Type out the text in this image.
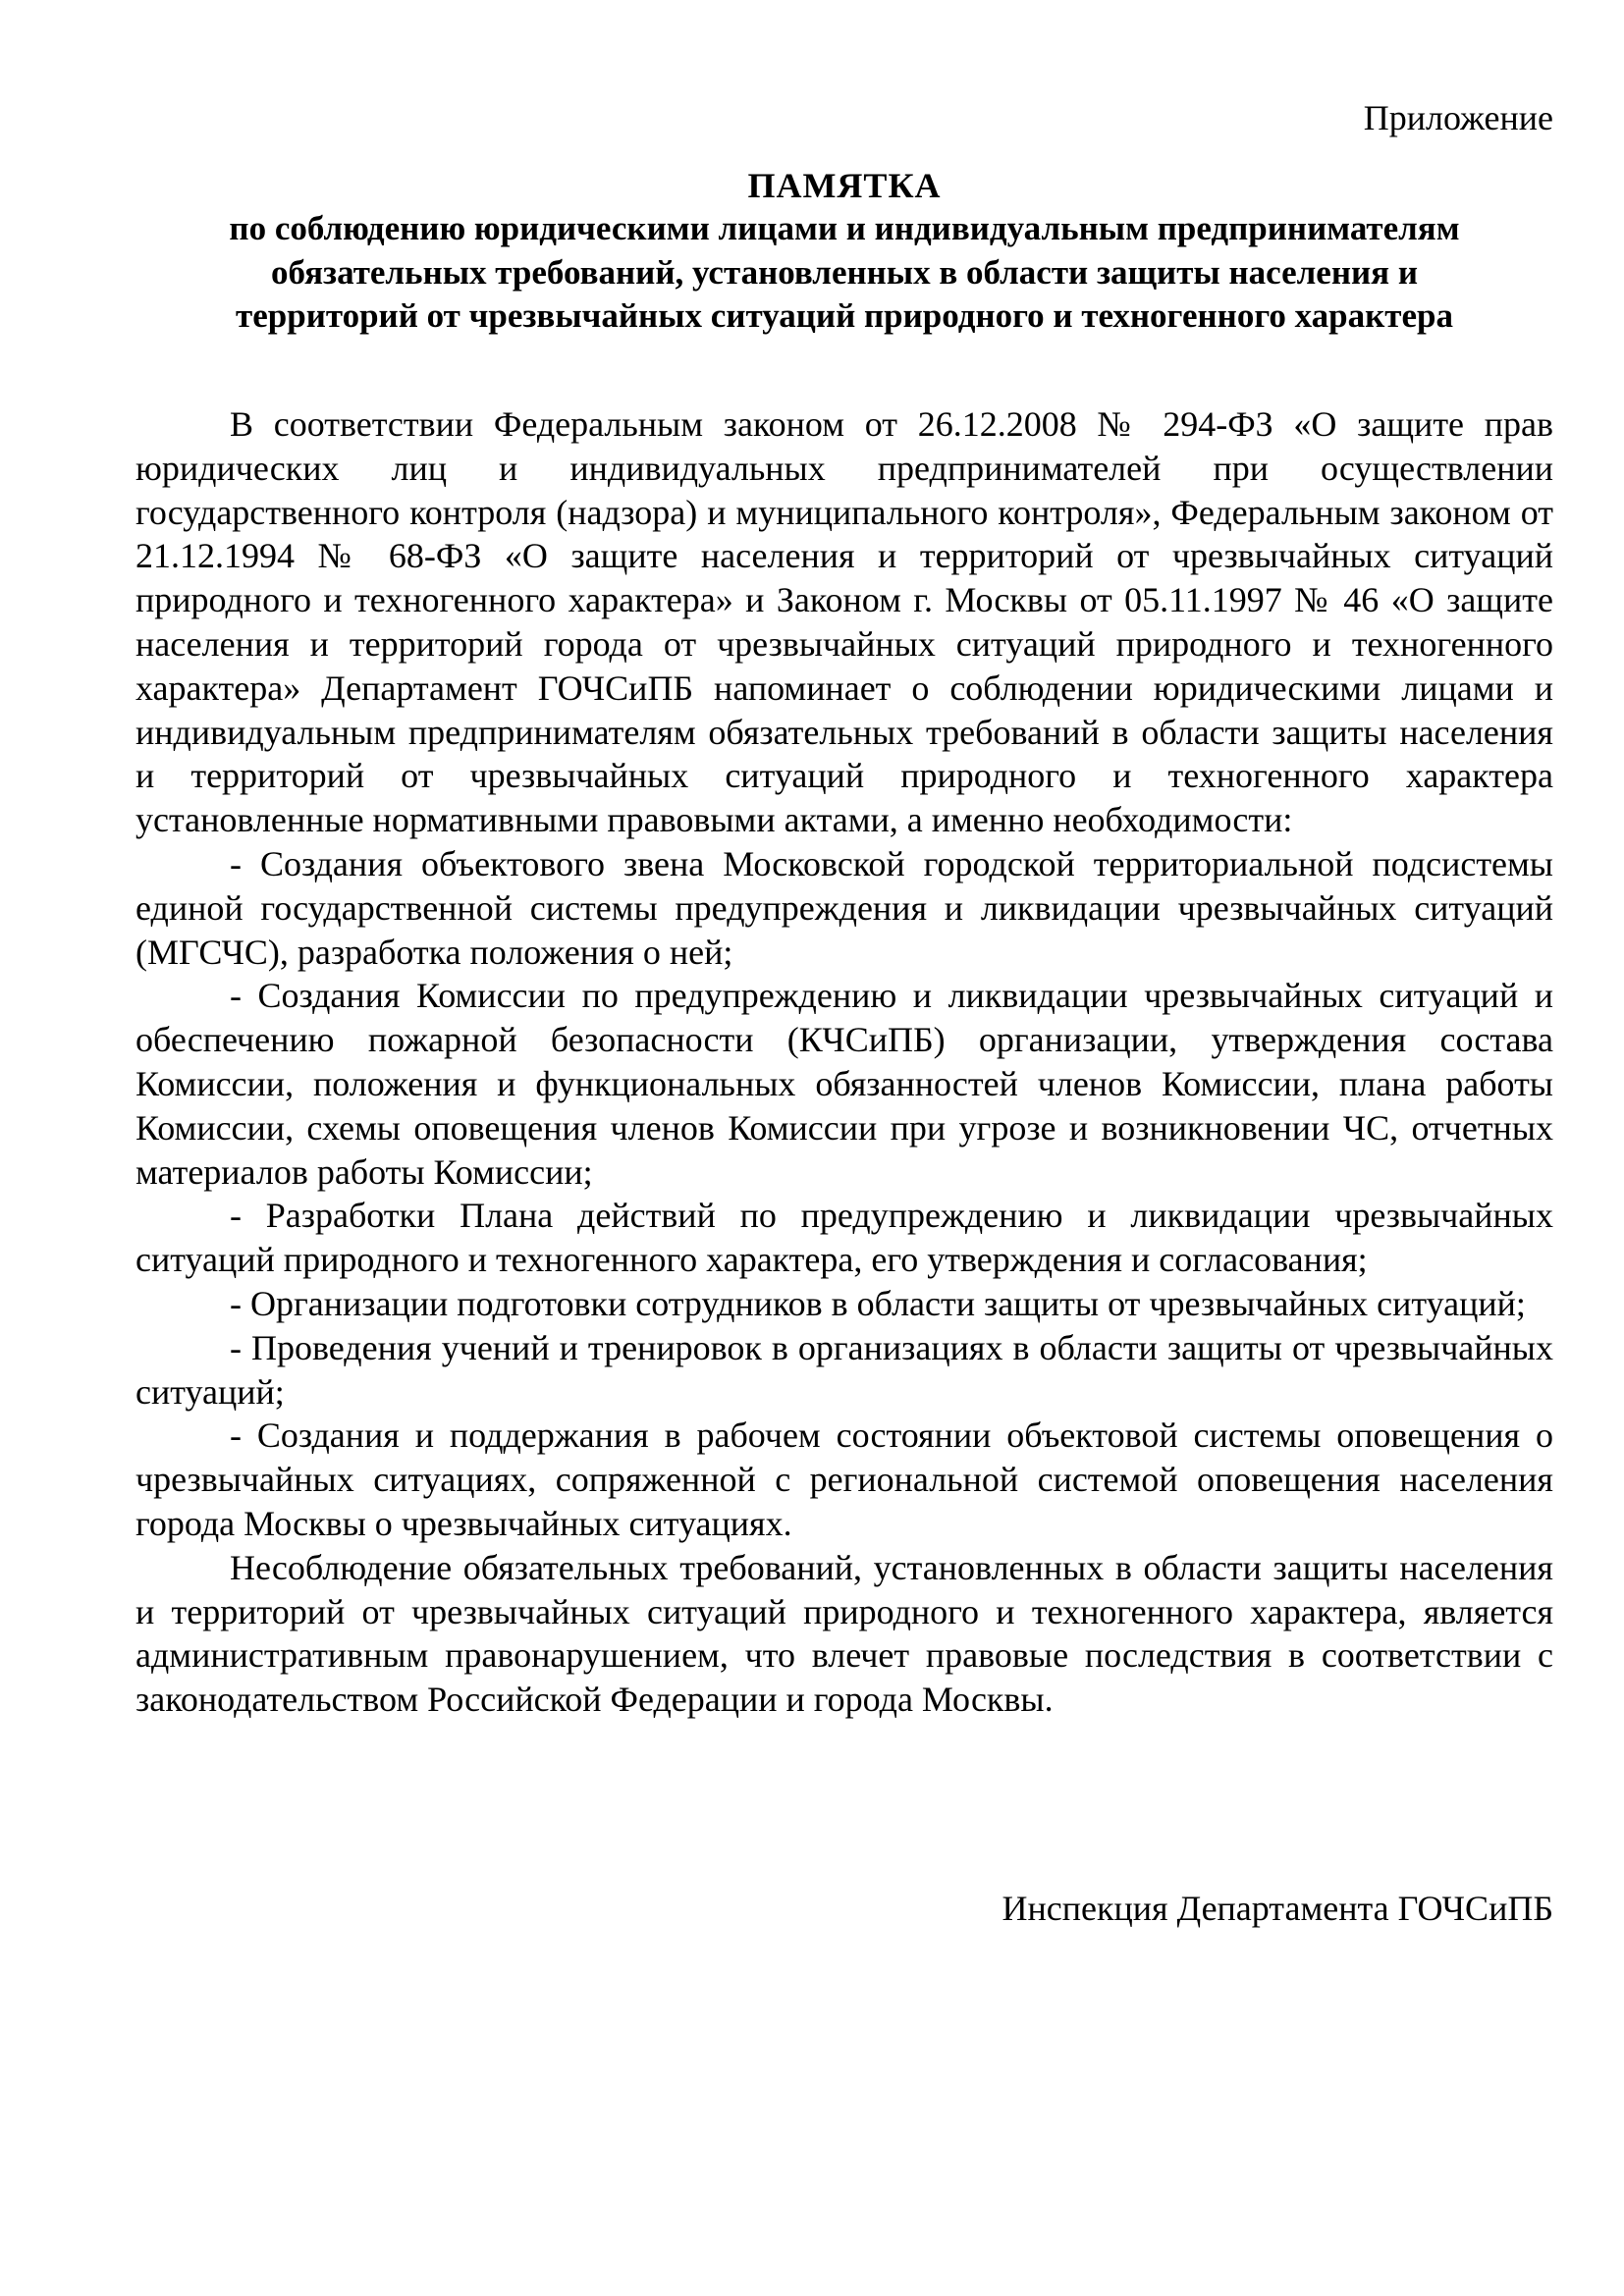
Приложение
ПАМЯТКА
по соблюдению юридическими лицами и индивидуальным предпринимателям
обязательных требований, установленных в области защиты населения и
территорий от чрезвычайных ситуаций природного и техногенного характера

В соответствии Федеральным законом от 26.12.2008 № 294-ФЗ «О защите прав юридических лиц и индивидуальных предпринимателей при осуществлении государственного контроля (надзора) и муниципального контроля», Федеральным законом от 21.12.1994 № 68-ФЗ «О защите населения и территорий от чрезвычайных ситуаций природного и техногенного характера» и Законом г. Москвы от 05.11.1997 № 46 «О защите населения и территорий города от чрезвычайных ситуаций природного и техногенного характера» Департамент ГОЧСиПБ напоминает о соблюдении юридическими лицами и индивидуальным предпринимателям обязательных требований в области защиты населения и территорий от чрезвычайных ситуаций природного и техногенного характера установленные нормативными правовыми актами, а именно необходимости:

- Создания объектового звена Московской городской территориальной подсистемы единой государственной системы предупреждения и ликвидации чрезвычайных ситуаций (МГСЧС), разработка положения о ней;
- Создания Комиссии по предупреждению и ликвидации чрезвычайных ситуаций и обеспечению пожарной безопасности (КЧСиПБ) организации, утверждения состава Комиссии, положения и функциональных обязанностей членов Комиссии, плана работы Комиссии, схемы оповещения членов Комиссии при угрозе и возникновении ЧС, отчетных материалов работы Комиссии;
- Разработки Плана действий по предупреждению и ликвидации чрезвычайных ситуаций природного и техногенного характера, его утверждения и согласования;
- Организации подготовки сотрудников в области защиты от чрезвычайных ситуаций;
- Проведения учений и тренировок в организациях в области защиты от чрезвычайных ситуаций;
- Создания и поддержания в рабочем состоянии объектовой системы оповещения о чрезвычайных ситуациях, сопряженной с региональной системой оповещения населения города Москвы о чрезвычайных ситуациях.

Несоблюдение обязательных требований, установленных в области защиты населения и территорий от чрезвычайных ситуаций природного и техногенного характера, является административным правонарушением, что влечет правовые последствия в соответствии с законодательством Российской Федерации и города Москвы.

Инспекция Департамента ГОЧСиПБ
